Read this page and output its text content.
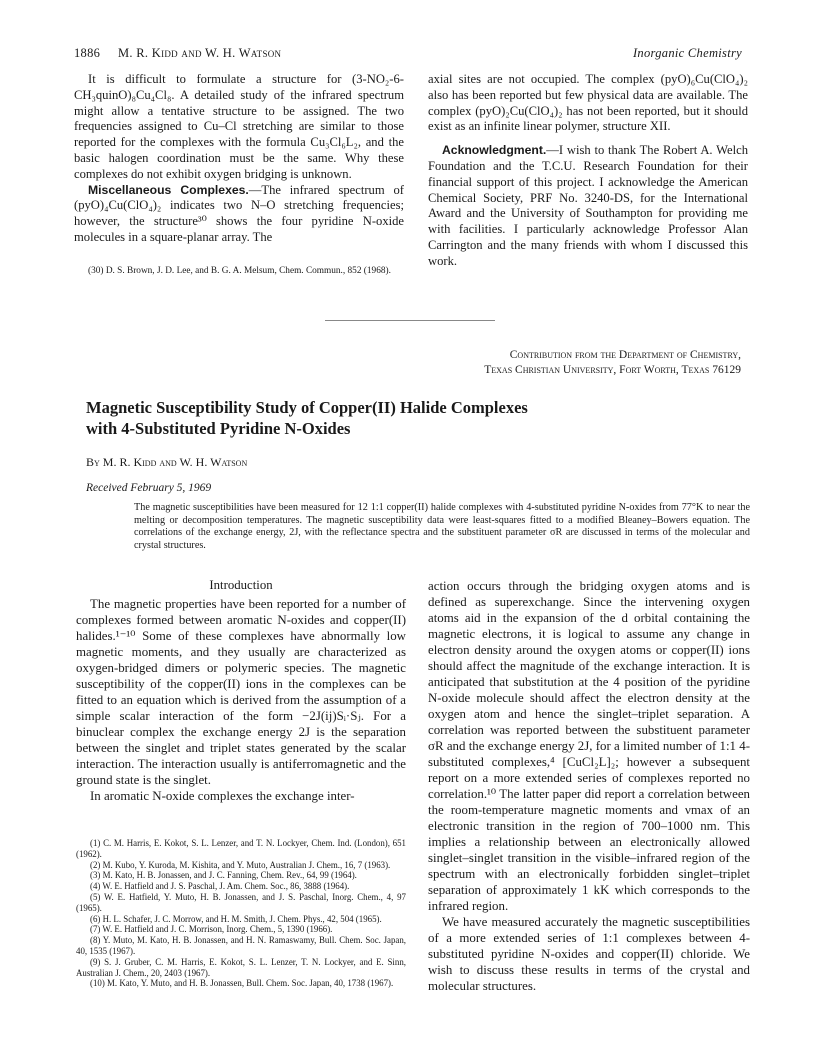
1886 M. R. Kidd and W. H. Watson	Inorganic Chemistry

It is difficult to formulate a structure for (3-NO₂-6-CH₃quinO)₈Cu₄Cl₈. A detailed study of the infrared spectrum might allow a tentative structure to be assigned. The two frequencies assigned to Cu–Cl stretching are similar to those reported for the complexes with the formula Cu₃Cl₆L₂, and the basic halogen coordination must be the same. Why these complexes do not exhibit oxygen bridging is unknown.

Miscellaneous Complexes.—The infrared spectrum of (pyO)₄Cu(ClO₄)₂ indicates two N–O stretching frequencies; however, the structure³⁰ shows the four pyridine N-oxide molecules in a square-planar array. The

(30) D. S. Brown, J. D. Lee, and B. G. A. Melsum, Chem. Commun., 852 (1968).

axial sites are not occupied. The complex (pyO)₆Cu(ClO₄)₂ also has been reported but few physical data are available. The complex (pyO)₂Cu(ClO₄)₂ has not been reported, but it should exist as an infinite linear polymer, structure XII.

Acknowledgment.—I wish to thank The Robert A. Welch Foundation and the T.C.U. Research Foundation for their financial support of this project. I acknowledge the American Chemical Society, PRF No. 3240-DS, for the International Award and the University of Southampton for providing me with facilities. I particularly acknowledge Professor Alan Carrington and the many friends with whom I discussed this work.

Contribution from the Department of Chemistry,
Texas Christian University, Fort Worth, Texas 76129
Magnetic Susceptibility Study of Copper(II) Halide Complexes
with 4-Substituted Pyridine N-Oxides
By M. R. Kidd and W. H. Watson
Received February 5, 1969
The magnetic susceptibilities have been measured for 12 1:1 copper(II) halide complexes with 4-substituted pyridine N-oxides from 77°K to near the melting or decomposition temperatures. The magnetic susceptibility data were least-squares fitted to a modified Bleaney–Bowers equation. The correlations of the exchange energy, 2J, with the reflectance spectra and the substituent parameter σR are discussed in terms of the molecular and crystal structures.
Introduction

The magnetic properties have been reported for a number of complexes formed between aromatic N-oxides and copper(II) halides.¹⁻¹⁰ Some of these complexes have abnormally low magnetic moments, and they usually are characterized as oxygen-bridged dimers or polymeric species. The magnetic susceptibility of the copper(II) ions in the complexes can be fitted to an equation which is derived from the assumption of a simple scalar interaction of the form −2J(ij)Sᵢ·Sⱼ. For a binuclear complex the exchange energy 2J is the separation between the singlet and triplet states generated by the scalar interaction. The interaction usually is antiferromagnetic and the ground state is the singlet.

In aromatic N-oxide complexes the exchange inter-

(1) C. M. Harris, E. Kokot, S. L. Lenzer, and T. N. Lockyer, Chem. Ind. (London), 651 (1962).
(2) M. Kubo, Y. Kuroda, M. Kishita, and Y. Muto, Australian J. Chem., 16, 7 (1963).
(3) M. Kato, H. B. Jonassen, and J. C. Fanning, Chem. Rev., 64, 99 (1964).
(4) W. E. Hatfield and J. S. Paschal, J. Am. Chem. Soc., 86, 3888 (1964).
(5) W. E. Hatfield, Y. Muto, H. B. Jonassen, and J. S. Paschal, Inorg. Chem., 4, 97 (1965).
(6) H. L. Schafer, J. C. Morrow, and H. M. Smith, J. Chem. Phys., 42, 504 (1965).
(7) W. E. Hatfield and J. C. Morrison, Inorg. Chem., 5, 1390 (1966).
(8) Y. Muto, M. Kato, H. B. Jonassen, and H. N. Ramaswamy, Bull. Chem. Soc. Japan, 40, 1535 (1967).
(9) S. J. Gruber, C. M. Harris, E. Kokot, S. L. Lenzer, T. N. Lockyer, and E. Sinn, Australian J. Chem., 20, 2403 (1967).
(10) M. Kato, Y. Muto, and H. B. Jonassen, Bull. Chem. Soc. Japan, 40, 1738 (1967).

action occurs through the bridging oxygen atoms and is defined as superexchange. Since the intervening oxygen atoms aid in the expansion of the d orbital containing the magnetic electrons, it is logical to assume any change in electron density around the oxygen atoms or copper(II) ions should affect the magnitude of the exchange interaction. It is anticipated that substitution at the 4 position of the pyridine N-oxide molecule should affect the electron density at the oxygen atom and hence the singlet–triplet separation. A correlation was reported between the substituent parameter σR and the exchange energy 2J, for a limited number of 1:1 4-substituted complexes,⁴ [CuCl₂L]₂; however a subsequent report on a more extended series of complexes reported no correlation.¹⁰ The latter paper did report a correlation between the room-temperature magnetic moments and νmax of an electronic transition in the region of 700–1000 nm. This implies a relationship between an electronically allowed singlet–singlet transition in the visible–infrared region of the spectrum with an electronically forbidden singlet–triplet separation of approximately 1 kK which corresponds to the infrared region.

We have measured accurately the magnetic susceptibilities of a more extended series of 1:1 complexes between 4-substituted pyridine N-oxides and copper(II) chloride. We wish to discuss these results in terms of the crystal and molecular structures.
